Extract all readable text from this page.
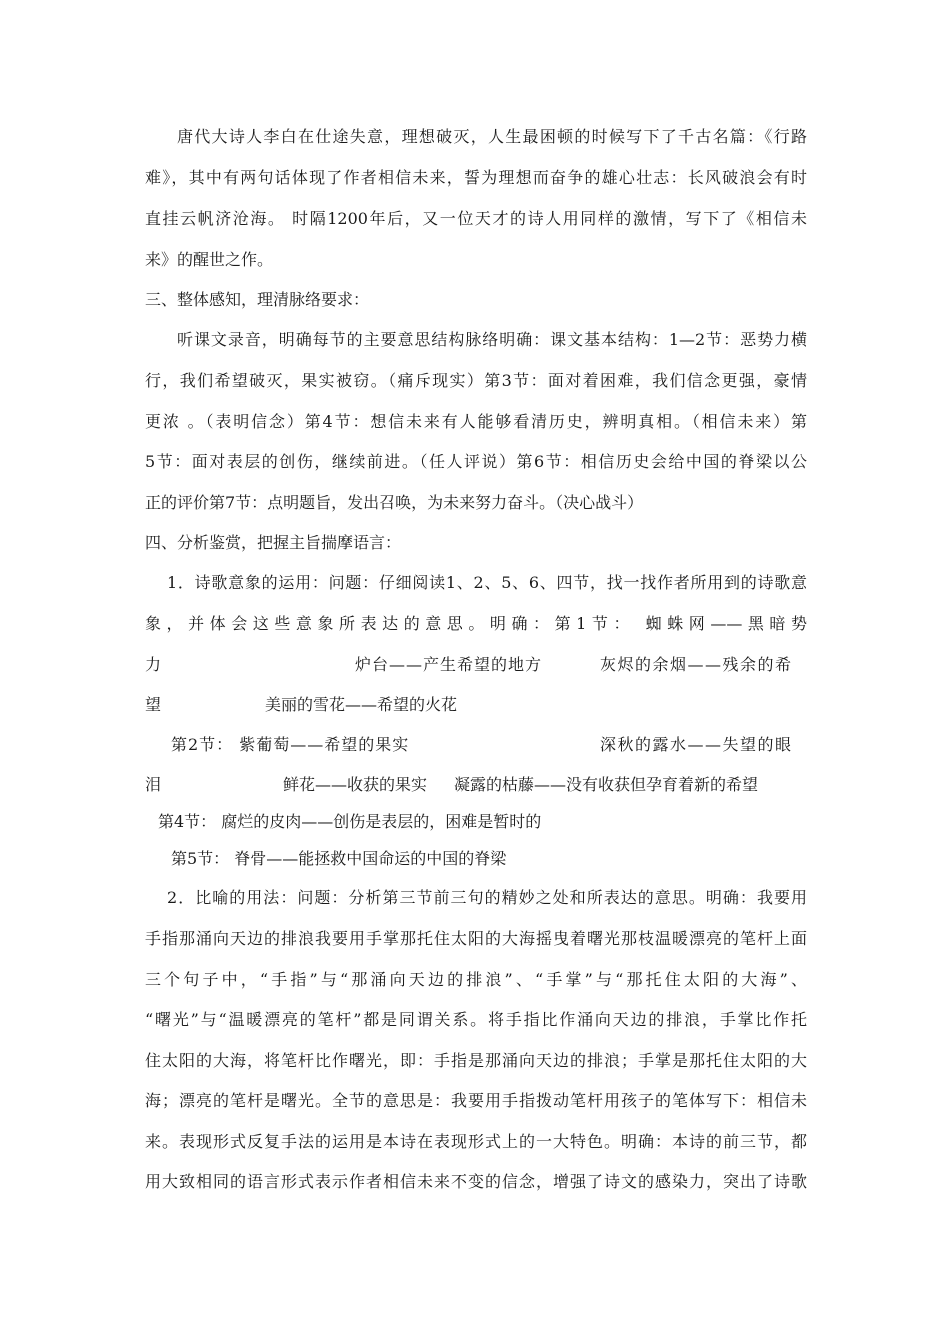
唐代大诗人李白在仕途失意，理想破灭，人生最困顿的时候写下了千古名篇：《行路
难》，其中有两句话体现了作者相信未来，誓为理想而奋争的雄心壮志：长风破浪会有时
直挂云帆济沧海。 时隔1200年后，又一位天才的诗人用同样的激情，写下了《相信未
来》的醒世之作。
三、整体感知，理清脉络要求：
听课文录音，明确每节的主要意思结构脉络明确：课文基本结构：1—2节：恶势力横
行，我们希望破灭，果实被窃。（痛斥现实）第3节：面对着困难，我们信念更强，豪情
更浓 。（表明信念）第4节：想信未来有人能够看清历史，辨明真相。（相信未来）第
5节：面对表层的创伤，继续前进。（任人评说）第6节：相信历史会给中国的脊梁以公
正的评价第7节：点明题旨，发出召唤，为未来努力奋斗。（决心战斗）
四、分析鉴赏，把握主旨揣摩语言：
1．诗歌意象的运用：问题：仔细阅读1、2、5、6、四节，找一找作者所用到的诗歌意
象，并体会这些意象所表达的意思。明确：第1节： 蜘蛛网——黑暗势
力	炉台——产生希望的地方	灰烬的余烟——残余的希
望	美丽的雪花——希望的火花
第2节： 紫葡萄——希望的果实	深秋的露水——失望的眼
泪	鲜花——收获的果实 凝露的枯藤——没有收获但孕育着新的希望
第4节： 腐烂的皮肉——创伤是表层的，困难是暂时的
第5节： 脊骨——能拯救中国命运的中国的脊梁
2．比喻的用法：问题：分析第三节前三句的精妙之处和所表达的意思。明确：我要用
手指那涌向天边的排浪我要用手掌那托住太阳的大海摇曳着曙光那枝温暖漂亮的笔杆上面
三个句子中，“手指”与“那涌向天边的排浪”、“手掌”与“那托住太阳的大海”、
“曙光”与“温暖漂亮的笔杆”都是同谓关系。将手指比作涌向天边的排浪，手掌比作托
住太阳的大海，将笔杆比作曙光，即：手指是那涌向天边的排浪；手掌是那托住太阳的大
海；漂亮的笔杆是曙光。全节的意思是：我要用手指拨动笔杆用孩子的笔体写下：相信未
来。表现形式反复手法的运用是本诗在表现形式上的一大特色。明确：本诗的前三节，都
用大致相同的语言形式表示作者相信未来不变的信念，增强了诗文的感染力，突出了诗歌
